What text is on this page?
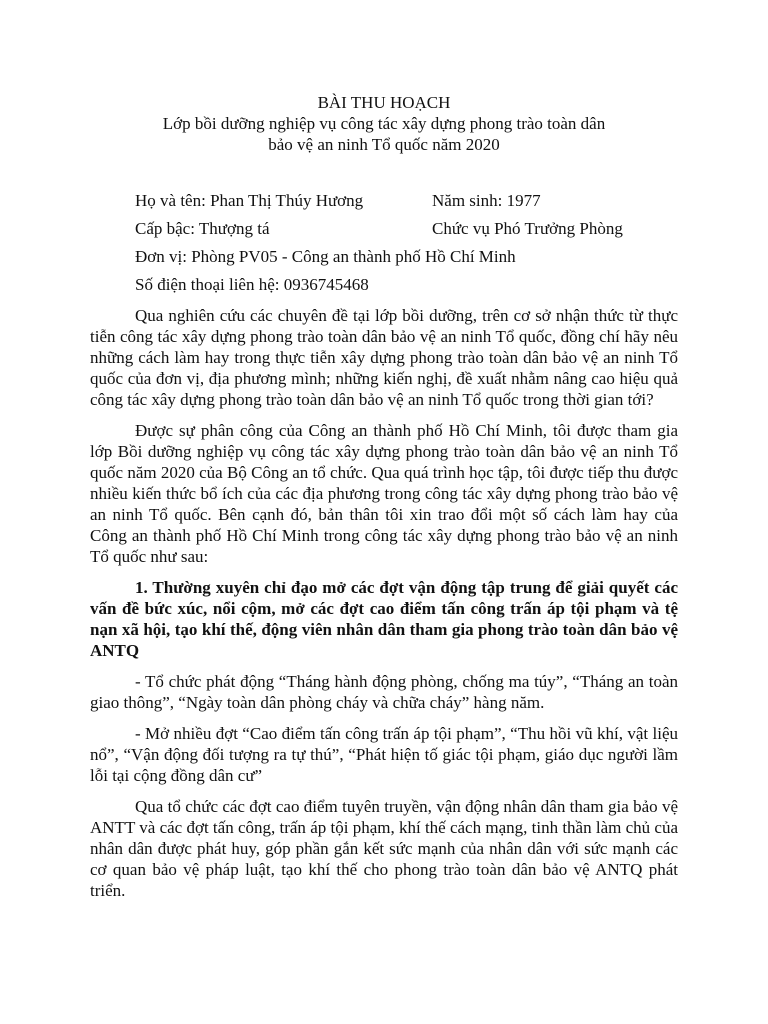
BÀI THU HOẠCH

Lớp bồi dưỡng nghiệp vụ công tác xây dựng phong trào toàn dân bảo vệ an ninh Tổ quốc năm 2020

Họ và tên: Phan Thị Thúy Hương	Năm sinh: 1977
Cấp bậc: Thượng tá	Chức vụ Phó Trưởng Phòng
Đơn vị: Phòng PV05 - Công an thành phố Hồ Chí Minh
Số điện thoại liên hệ: 0936745468

Qua nghiên cứu các chuyên đề tại lớp bồi dưỡng, trên cơ sở nhận thức từ thực tiễn công tác xây dựng phong trào toàn dân bảo vệ an ninh Tổ quốc, đồng chí hãy nêu những cách làm hay trong thực tiễn xây dựng phong trào toàn dân bảo vệ an ninh Tổ quốc của đơn vị, địa phương mình; những kiến nghị, đề xuất nhằm nâng cao hiệu quả công tác xây dựng phong trào toàn dân bảo vệ an ninh Tổ quốc trong thời gian tới?

Được sự phân công của Công an thành phố Hồ Chí Minh, tôi được tham gia lớp Bồi dưỡng nghiệp vụ công tác xây dựng phong trào toàn dân bảo vệ an ninh Tổ quốc năm 2020 của Bộ Công an tổ chức. Qua quá trình học tập, tôi được tiếp thu được nhiều kiến thức bổ ích của các địa phương trong công tác xây dựng phong trào bảo vệ an ninh Tổ quốc. Bên cạnh đó, bản thân tôi xin trao đổi một số cách làm hay của Công an thành phố Hồ Chí Minh trong công tác xây dựng phong trào bảo vệ an ninh Tổ quốc như sau:

1. Thường xuyên chỉ đạo mở các đợt vận động tập trung để giải quyết các vấn đề bức xúc, nổi cộm, mở các đợt cao điểm tấn công trấn áp tội phạm và tệ nạn xã hội, tạo khí thế, động viên nhân dân tham gia phong trào toàn dân bảo vệ ANTQ

- Tổ chức phát động “Tháng hành động phòng, chống ma túy”, “Tháng an toàn giao thông”, “Ngày toàn dân phòng cháy và chữa cháy” hàng năm.

- Mở nhiều đợt “Cao điểm tấn công trấn áp tội phạm”, “Thu hồi vũ khí, vật liệu nổ”, “Vận động đối tượng ra tự thú”, “Phát hiện tố giác tội phạm, giáo dục người lầm lỗi tại cộng đồng dân cư”

Qua tổ chức các đợt cao điểm tuyên truyền, vận động nhân dân tham gia bảo vệ ANTT và các đợt tấn công, trấn áp tội phạm, khí thế cách mạng, tinh thần làm chủ của nhân dân được phát huy, góp phần gắn kết sức mạnh của nhân dân với sức mạnh các cơ quan bảo vệ pháp luật, tạo khí thế cho phong trào toàn dân bảo vệ ANTQ phát triển.
